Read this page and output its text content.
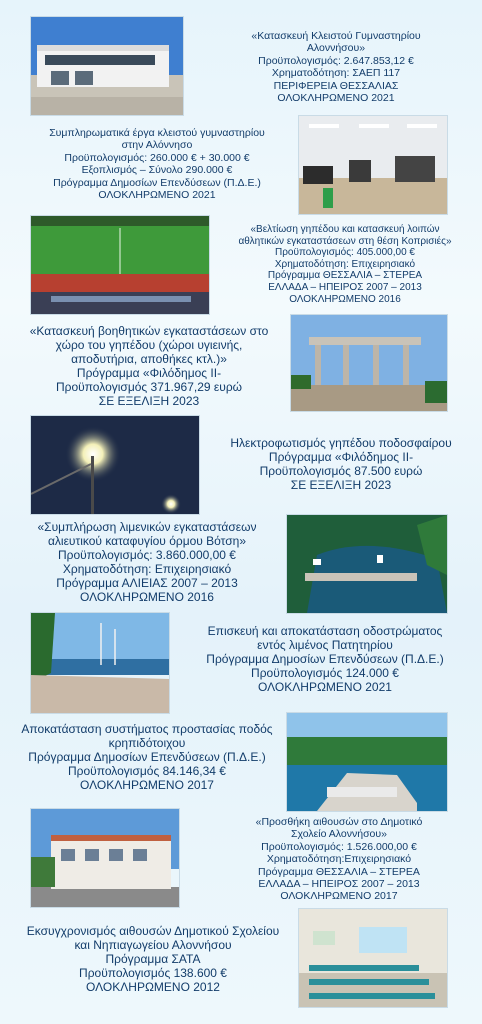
«Κατασκευή Κλειστού Γυμναστηρίου
Αλοννήσου»
Προϋπολογισμός: 2.647.853,12 €
Χρηματοδότηση: ΣΑΕΠ 117
ΠΕΡΙΦΕΡΕΙΑ ΘΕΣΣΑΛΙΑΣ
ΟΛΟΚΛΗΡΩΜΕΝΟ 2021
Συμπληρωματικά έργα κλειστού γυμναστηρίου
στην Αλόννησο
Προϋπολογισμός: 260.000 € + 30.000 €
Εξοπλισμός – Σύνολο 290.000 €
Πρόγραμμα Δημοσίων Επενδύσεων (Π.Δ.Ε.)
ΟΛΟΚΛΗΡΩΜΕΝΟ 2021
«Βελτίωση γηπέδου και κατασκευή λοιπών
αθλητικών εγκαταστάσεων στη θέση Κοπρισιές»
Προϋπολογισμός: 405.000,00 €
Χρηματοδότηση: Επιχειρησιακό
Πρόγραμμα ΘΕΣΣΑΛΙΑ – ΣΤΕΡΕΑ
ΕΛΛΑΔΑ – ΗΠΕΙΡΟΣ 2007 – 2013
ΟΛΟΚΛΗΡΩΜΕΝΟ 2016
«Κατασκευή βοηθητικών εγκαταστάσεων στο
χώρο του γηπέδου (χώροι υγιεινής,
αποδυτήρια, αποθήκες κτλ.)»
Πρόγραμμα «Φιλόδημος ΙΙ-
Προϋπολογισμός 371.967,29 ευρώ
ΣΕ ΕΞΕΛΙΞΗ 2023
Ηλεκτροφωτισμός γηπέδου ποδοσφαίρου
Πρόγραμμα «Φιλόδημος ΙΙ-
Προϋπολογισμός 87.500 ευρώ
ΣΕ ΕΞΕΛΙΞΗ 2023
«Συμπλήρωση λιμενικών εγκαταστάσεων
αλιευτικού καταφυγίου όρμου Βότση»
Προϋπολογισμός: 3.860.000,00 €
Χρηματοδότηση: Επιχειρησιακό
Πρόγραμμα ΑΛΙΕΙΑΣ 2007 – 2013
ΟΛΟΚΛΗΡΩΜΕΝΟ 2016
Επισκευή και αποκατάσταση οδοστρώματος
εντός λιμένος Πατητηρίου
Πρόγραμμα Δημοσίων Επενδύσεων (Π.Δ.Ε.)
Προϋπολογισμός 124.000 €
ΟΛΟΚΛΗΡΩΜΕΝΟ 2021
Αποκατάσταση συστήματος προστασίας ποδός
κρηπιδότοιχου
Πρόγραμμα Δημοσίων Επενδύσεων (Π.Δ.Ε.)
Προϋπολογισμός 84.146,34 €
ΟΛΟΚΛΗΡΩΜΕΝΟ 2017
«Προσθήκη αιθουσών στο Δημοτικό
Σχολείο Αλοννήσου»
Προϋπολογισμός: 1.526.000,00 €
Χρηματοδότηση:Επιχειρησιακό
Πρόγραμμα ΘΕΣΣΑΛΙΑ – ΣΤΕΡΕΑ
ΕΛΛΑΔΑ – ΗΠΕΙΡΟΣ 2007 – 2013
ΟΛΟΚΛΗΡΩΜΕΝΟ 2017
Εκσυγχρονισμός αιθουσών Δημοτικού Σχολείου
και Νηπιαγωγείου Αλοννήσου
Πρόγραμμα ΣΑΤΑ
Προϋπολογισμός 138.600 €
ΟΛΟΚΛΗΡΩΜΕΝΟ 2012
